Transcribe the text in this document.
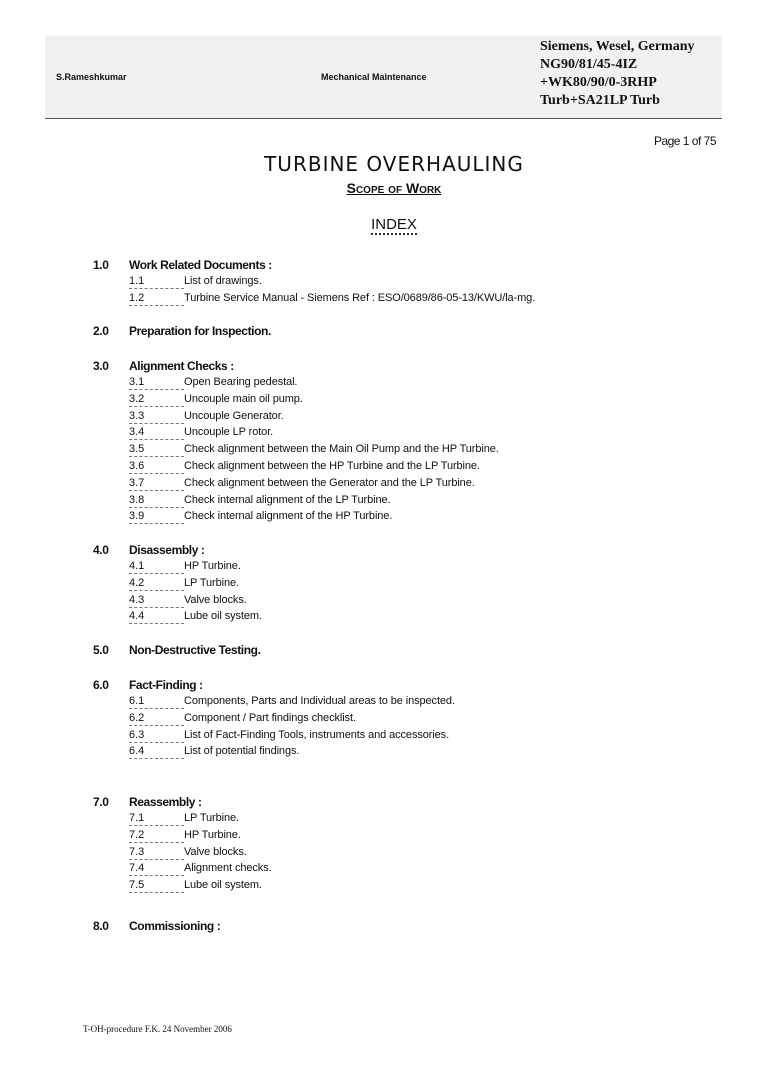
S.Rameshkumar	Mechanical Maintenance
Siemens, Wesel, Germany
NG90/81/45-4IZ
+WK80/90/0-3RHP
Turb+SA21LP Turb
Page 1 of 75
TURBINE OVERHAULING
Scope of Work
INDEX
1.0 Work Related Documents :
1.1	List of drawings.
1.2	Turbine Service Manual - Siemens Ref : ESO/0689/86-05-13/KWU/la-mg.
2.0 Preparation for Inspection.
3.0 Alignment Checks :
3.1	Open Bearing pedestal.
3.2	Uncouple main oil pump.
3.3	Uncouple Generator.
3.4	Uncouple LP rotor.
3.5	Check alignment between the Main Oil Pump and the HP Turbine.
3.6	Check alignment between the HP Turbine and the LP Turbine.
3.7	Check alignment between the Generator and the LP Turbine.
3.8	Check internal alignment of the LP Turbine.
3.9	Check internal alignment of the HP Turbine.
4.0 Disassembly :
4.1	HP Turbine.
4.2	LP Turbine.
4.3	Valve blocks.
4.4	Lube oil system.
5.0 Non-Destructive Testing.
6.0 Fact-Finding :
6.1	Components, Parts and Individual areas to be inspected.
6.2	Component / Part findings checklist.
6.3	List of Fact-Finding Tools, instruments and accessories.
6.4	List of potential findings.
7.0 Reassembly :
7.1	LP Turbine.
7.2	HP Turbine.
7.3	Valve blocks.
7.4	Alignment checks.
7.5	Lube oil system.
8.0 Commissioning :
T-OH-procedure F.K. 24 November 2006
